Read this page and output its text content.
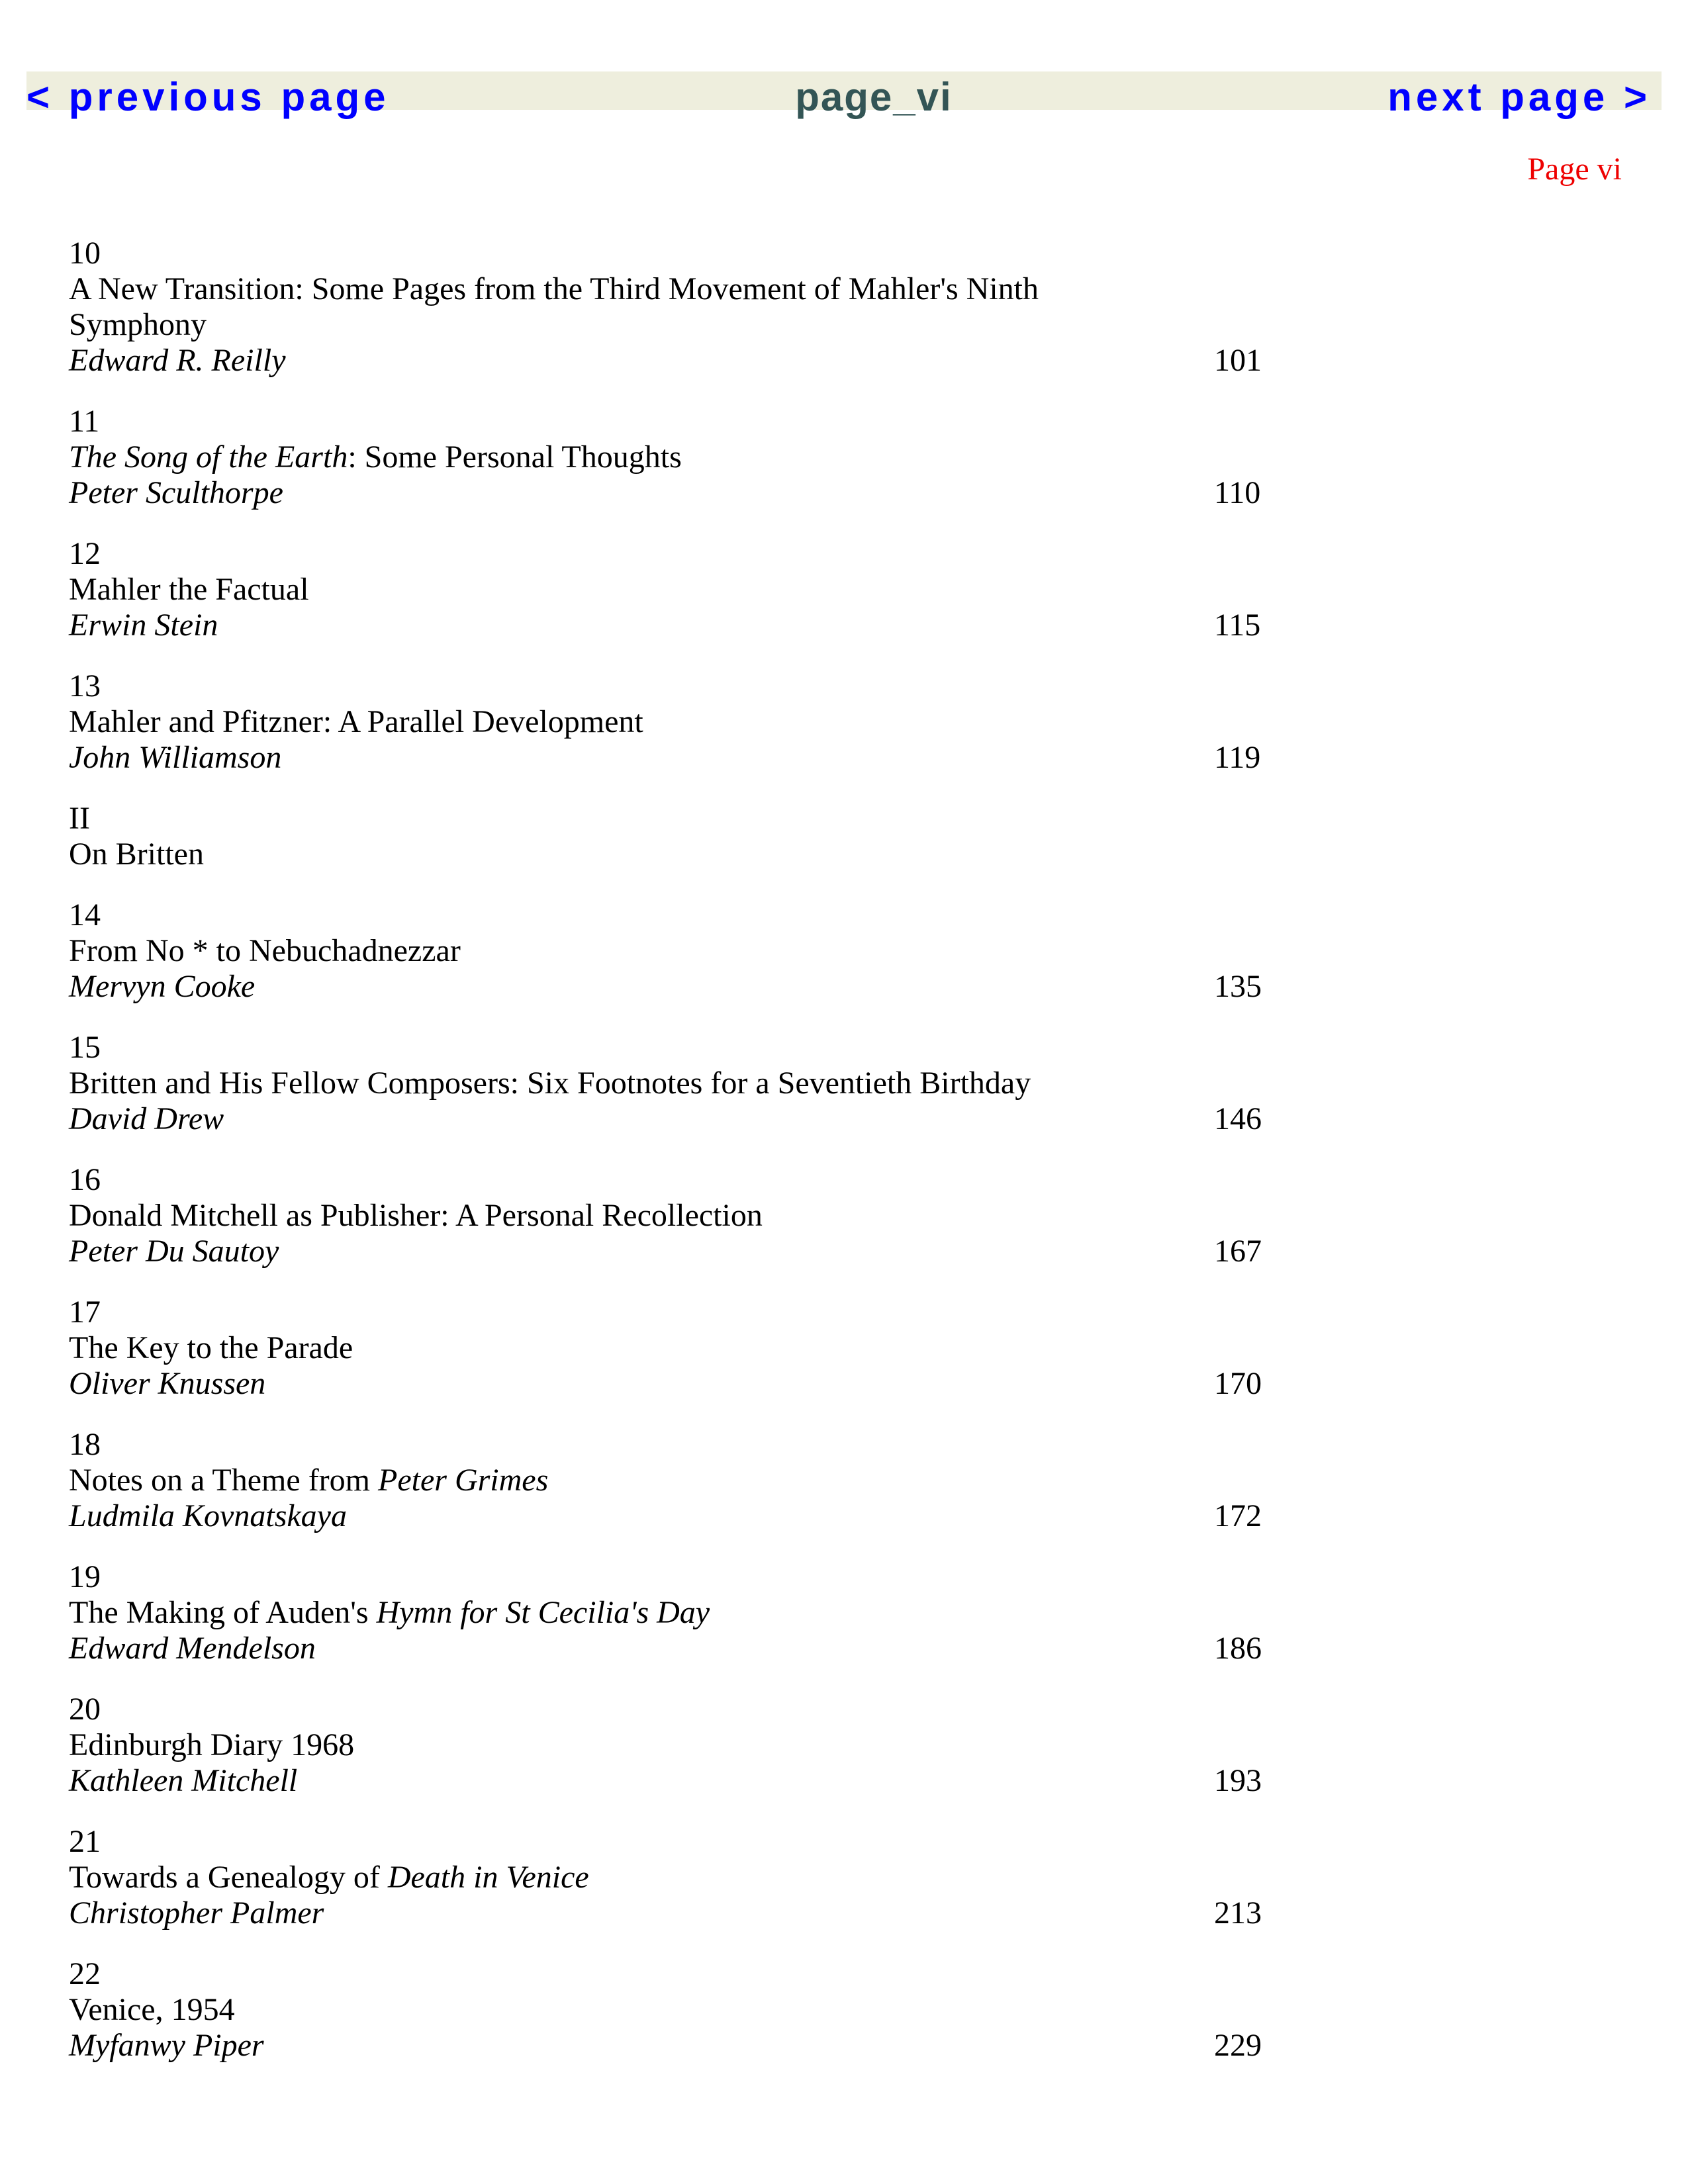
< previous page	page_vi	next page >
Page vi
10
A New Transition: Some Pages from the Third Movement of Mahler's Ninth
Symphony
Edward R. Reilly	101
11
The Song of the Earth: Some Personal Thoughts
Peter Sculthorpe	110
12
Mahler the Factual
Erwin Stein	115
13
Mahler and Pfitzner: A Parallel Development
John Williamson	119
II
On Britten
14
From No * to Nebuchadnezzar
Mervyn Cooke	135
15
Britten and His Fellow Composers: Six Footnotes for a Seventieth Birthday
David Drew	146
16
Donald Mitchell as Publisher: A Personal Recollection
Peter Du Sautoy	167
17
The Key to the Parade
Oliver Knussen	170
18
Notes on a Theme from Peter Grimes
Ludmila Kovnatskaya	172
19
The Making of Auden's Hymn for St Cecilia's Day
Edward Mendelson	186
20
Edinburgh Diary 1968
Kathleen Mitchell	193
21
Towards a Genealogy of Death in Venice
Christopher Palmer	213
22
Venice, 1954
Myfanwy Piper	229
